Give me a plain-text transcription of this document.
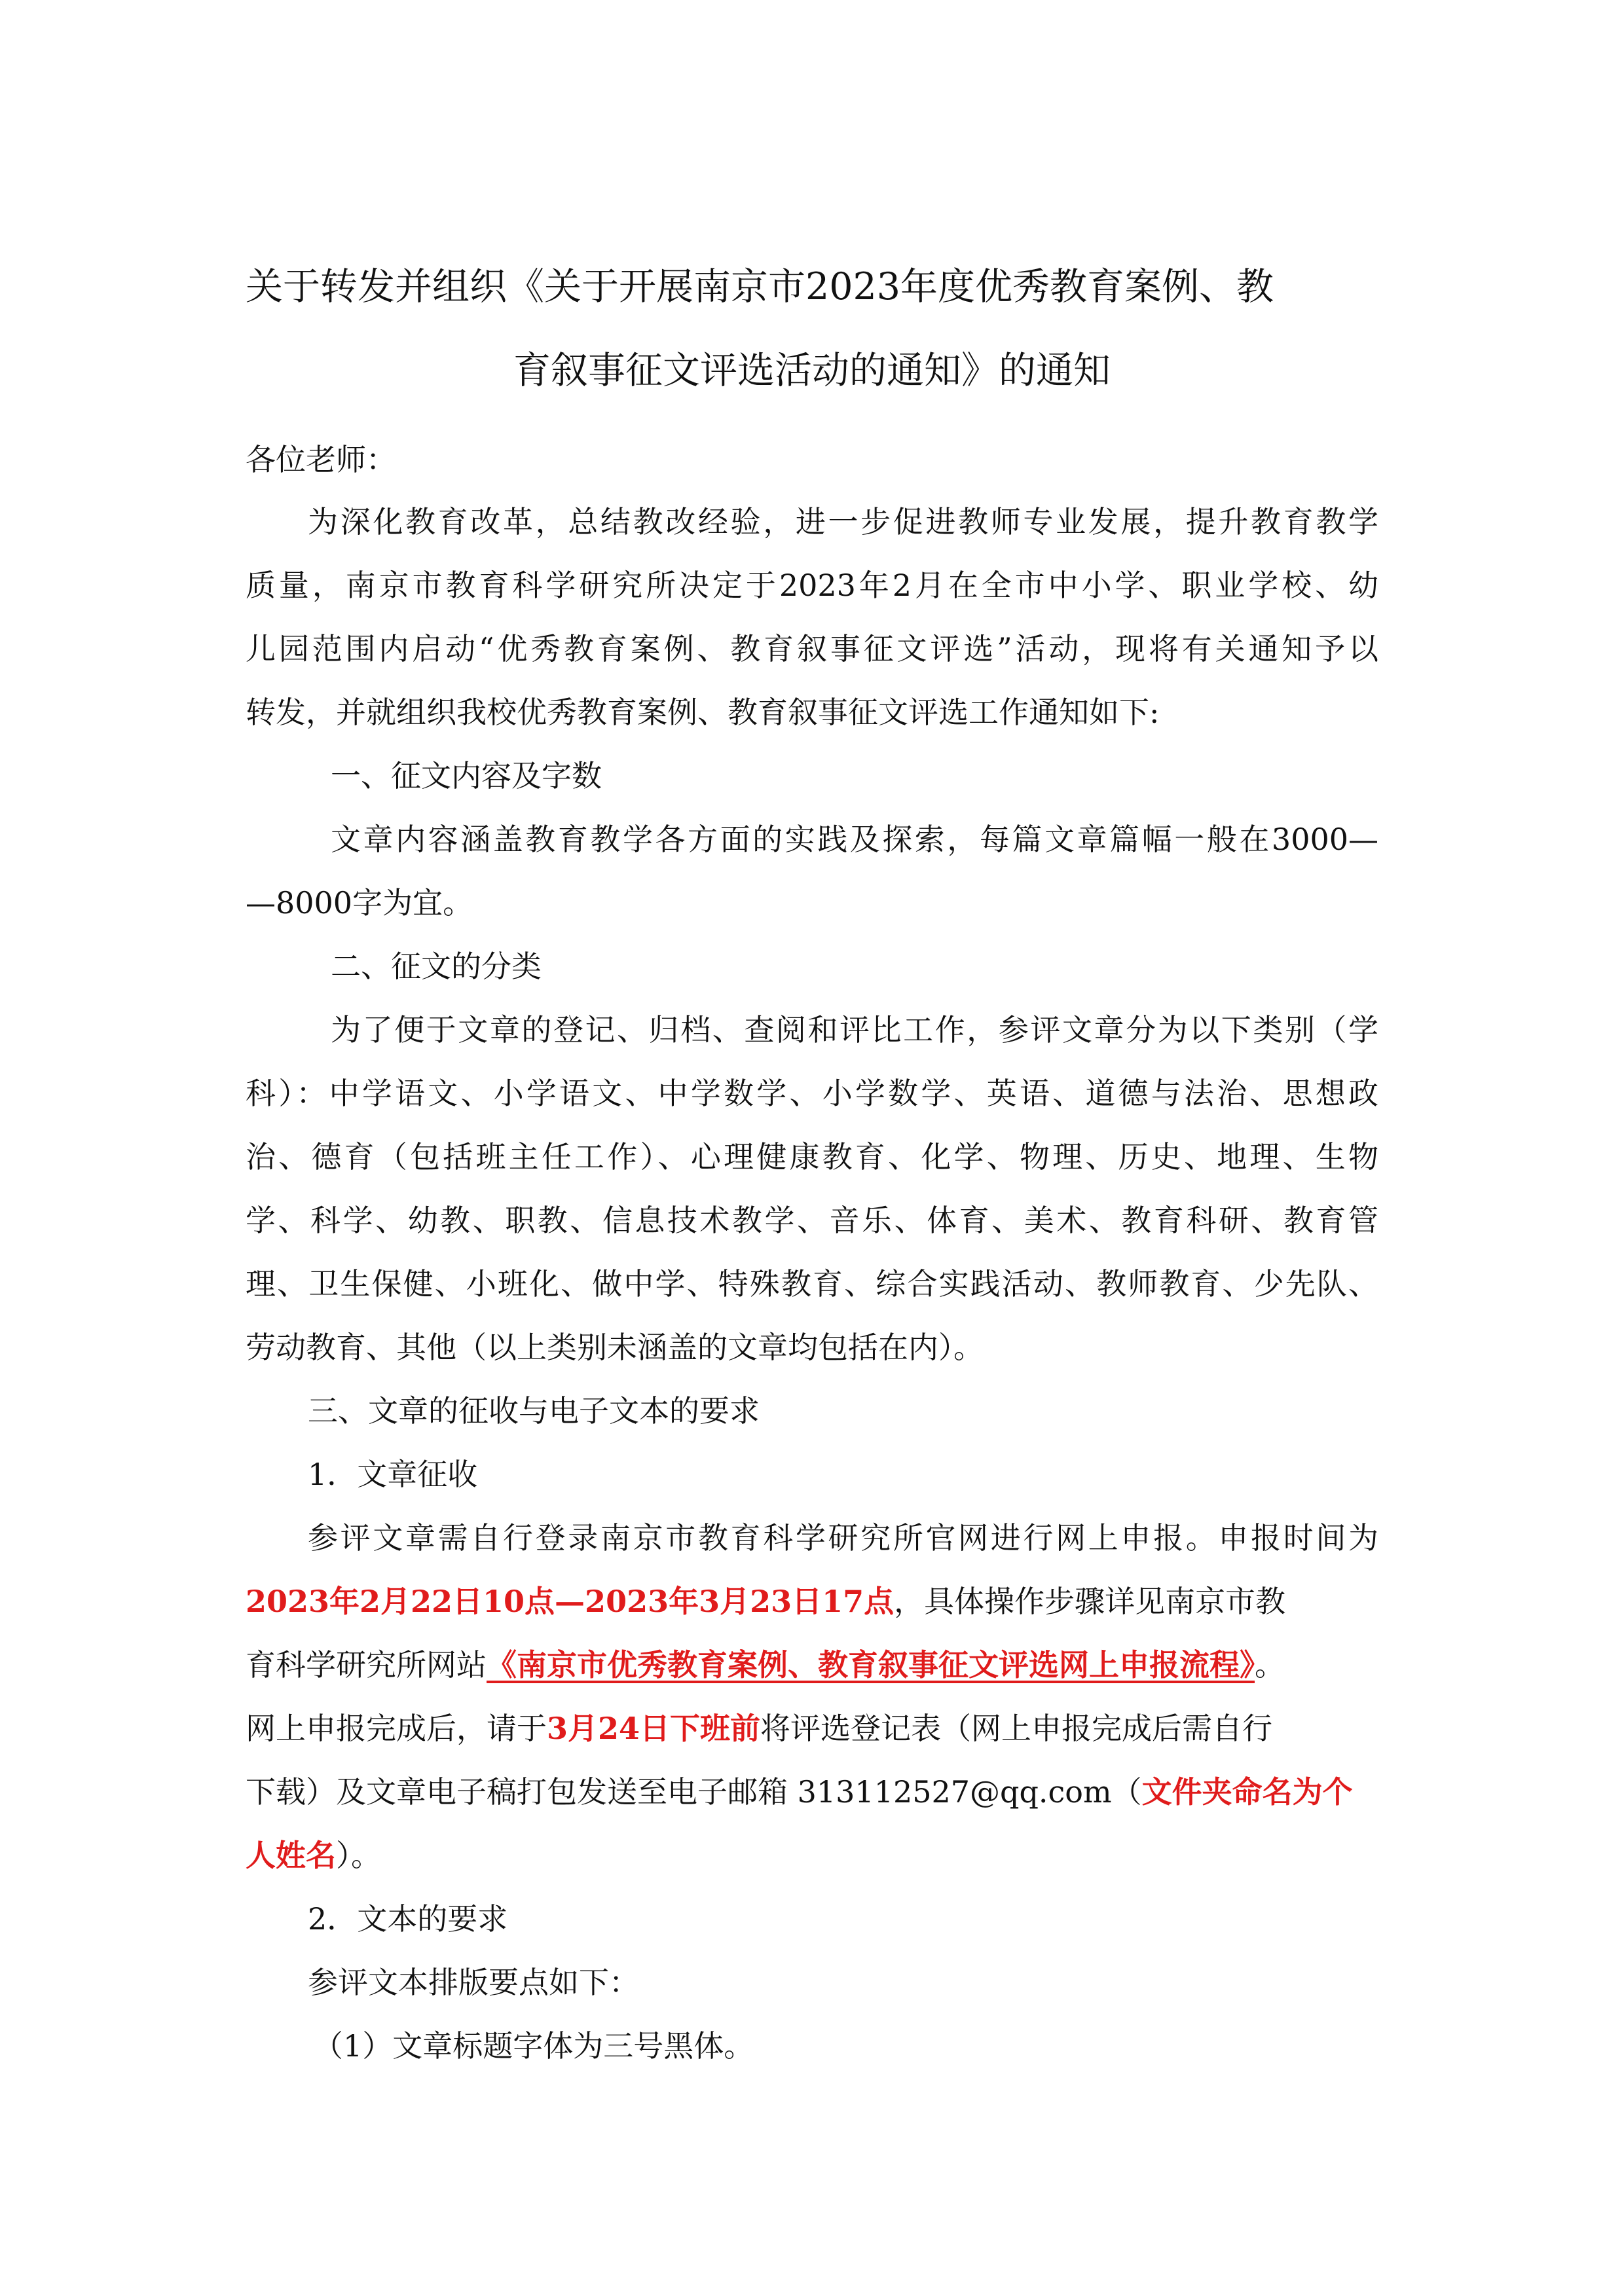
关于转发并组织《关于开展南京市2023年度优秀教育案例、教
育叙事征文评选活动的通知》的通知
各位老师：
为深化教育改革，总结教改经验，进一步促进教师专业发展，提升教育教学
质量，南京市教育科学研究所决定于2023年2月在全市中小学、职业学校、幼
儿园范围内启动“优秀教育案例、教育叙事征文评选”活动，现将有关通知予以
转发，并就组织我校优秀教育案例、教育叙事征文评选工作通知如下:
一、征文内容及字数
文章内容涵盖教育教学各方面的实践及探索，每篇文章篇幅一般在3000—
—8000字为宜。
二、征文的分类
为了便于文章的登记、归档、查阅和评比工作，参评文章分为以下类别（学
科）：中学语文、小学语文、中学数学、小学数学、英语、道德与法治、思想政
治、德育（包括班主任工作）、心理健康教育、化学、物理、历史、地理、生物
学、科学、幼教、职教、信息技术教学、音乐、体育、美术、教育科研、教育管
理、卫生保健、小班化、做中学、特殊教育、综合实践活动、教师教育、少先队、
劳动教育、其他（以上类别未涵盖的文章均包括在内）。
三、文章的征收与电子文本的要求
1．文章征收
参评文章需自行登录南京市教育科学研究所官网进行网上申报。申报时间为
2023年2月22日10点—2023年3月23日17点，具体操作步骤详见南京市教
育科学研究所网站《南京市优秀教育案例、教育叙事征文评选网上申报流程》。
网上申报完成后，请于3月24日下班前将评选登记表（网上申报完成后需自行
下载）及文章电子稿打包发送至电子邮箱 313112527@qq.com（文件夹命名为个
人姓名）。
2．文本的要求
参评文本排版要点如下：
（1）文章标题字体为三号黑体。
